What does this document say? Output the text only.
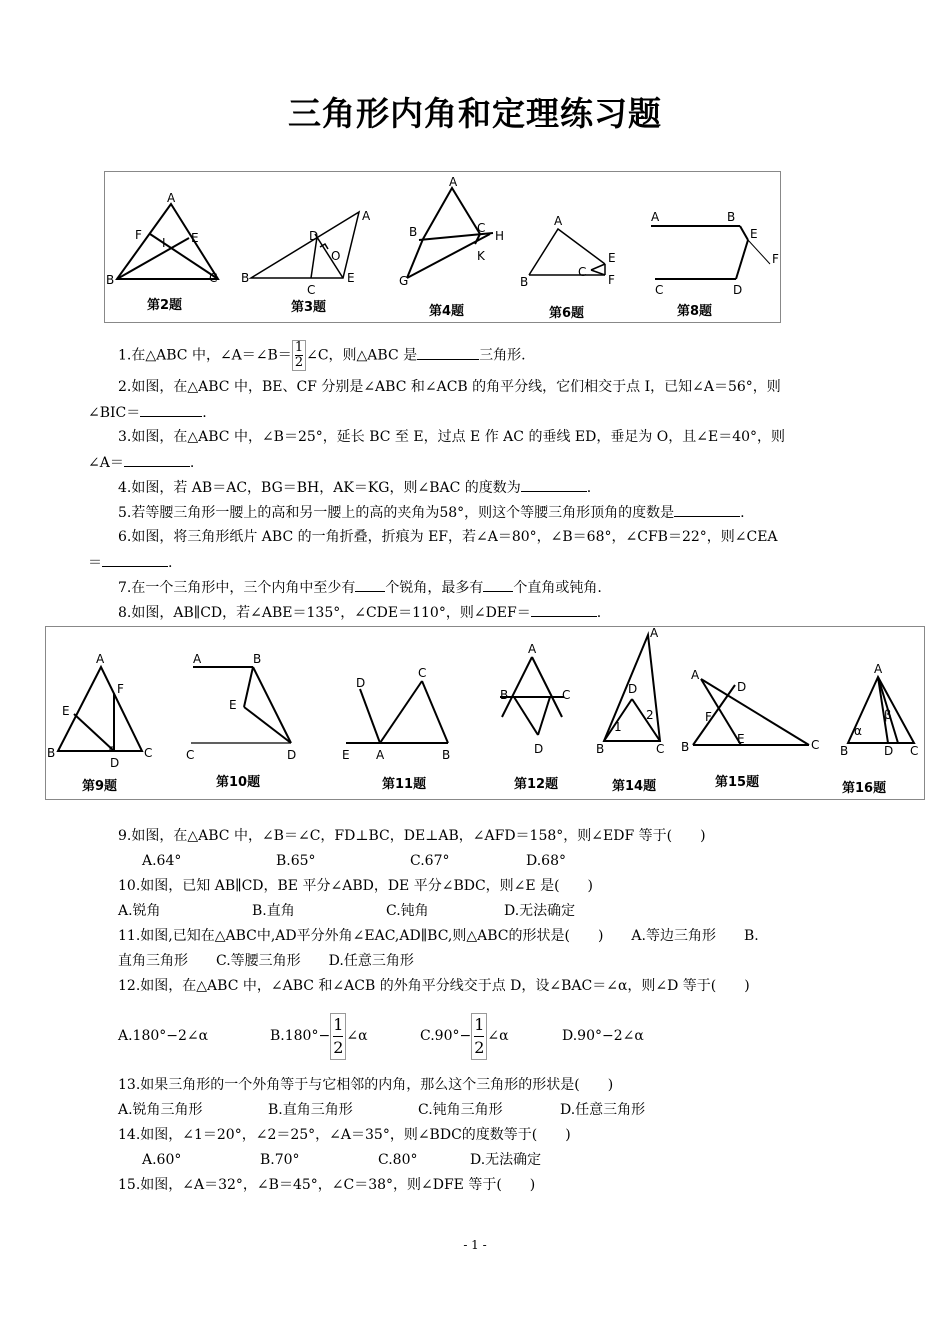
三角形内角和定理练习题
A
B	C
E
F
I
第2题
A
B
C
D
E
O
第3题
A
B	C
G
H
K
第4题
A
B
C
E
F
第6题
A	B
C	D
E
F
第8题
1.在△ABC 中，∠A＝∠B＝ $\frac{1}{2}$ ∠C，则△ABC 是	三角形.
2.如图，在△ABC 中，BE、CF 分别是∠ABC 和∠ACB 的角平分线，它们相交于点 I，已知∠A＝56°，则
∠BIC＝	.
3.如图，在△ABC 中，∠B＝25°，延长 BC 至 E，过点 E 作 AC 的垂线 ED，垂足为 O，且∠E＝40°，则
∠A＝	.
4.如图，若 AB＝AC，BG＝BH，AK＝KG，则∠BAC 的度数为	.
5.若等腰三角形一腰上的高和另一腰上的高的夹角为58°，则这个等腰三角形顶角的度数是	.
6.如图，将三角形纸片 ABC 的一角折叠，折痕为 EF，若∠A＝80°，∠B＝68°，∠CFB＝22°，则∠CEA
＝	.
7.在一个三角形中，三个内角中至少有 个锐角，最多有 个直角或钝角.
8.如图，AB∥CD，若∠ABE＝135°，∠CDE＝110°，则∠DEF＝	.
A
B	C
D
E
F
第9题
A	B
C	D
E
第10题
D
C
E A	B
第11题
A
B	C
D
第12题
A
B	C
D
1
2
第14题
A
B	C
D
E
F
第15题
A
B	C
D
α
β
第16题
9.如图，在△ABC 中，∠B＝∠C，FD⊥BC，DE⊥AB，∠AFD＝158°，则∠EDF 等于(　　)
A.64°	B.65°	C.67°	D.68°
10.如图，已知 AB∥CD，BE 平分∠ABD，DE 平分∠BDC，则∠E 是(　　)
A.锐角	B.直角	C.钝角	D.无法确定
11.如图,已知在△ABC中,AD平分外角∠EAC,AD∥BC,则△ABC的形状是(　　)　　A.等边三角形　　B.
直角三角形　　C.等腰三角形　　D.任意三角形
12.如图，在△ABC 中，∠ABC 和∠ACB 的外角平分线交于点 D，设∠BAC＝∠α，则∠D 等于(　　)
A.180°−2∠α	$B.180^\circ- \frac{1}{2}$ ∠α	$C.90^\circ- \frac{1}{2}$ ∠α	D.90°−2∠α
13.如果三角形的一个外角等于与它相邻的内角，那么这个三角形的形状是(　　)
A.锐角三角形	B.直角三角形	C.钝角三角形	D.任意三角形
14.如图，∠1＝20°，∠2＝25°，∠A＝35°，则∠BDC的度数等于(　　)
A.60°	B.70°	C.80°	D.无法确定
15.如图，∠A＝32°，∠B＝45°，∠C＝38°，则∠DFE 等于(　　)
- 1 -
